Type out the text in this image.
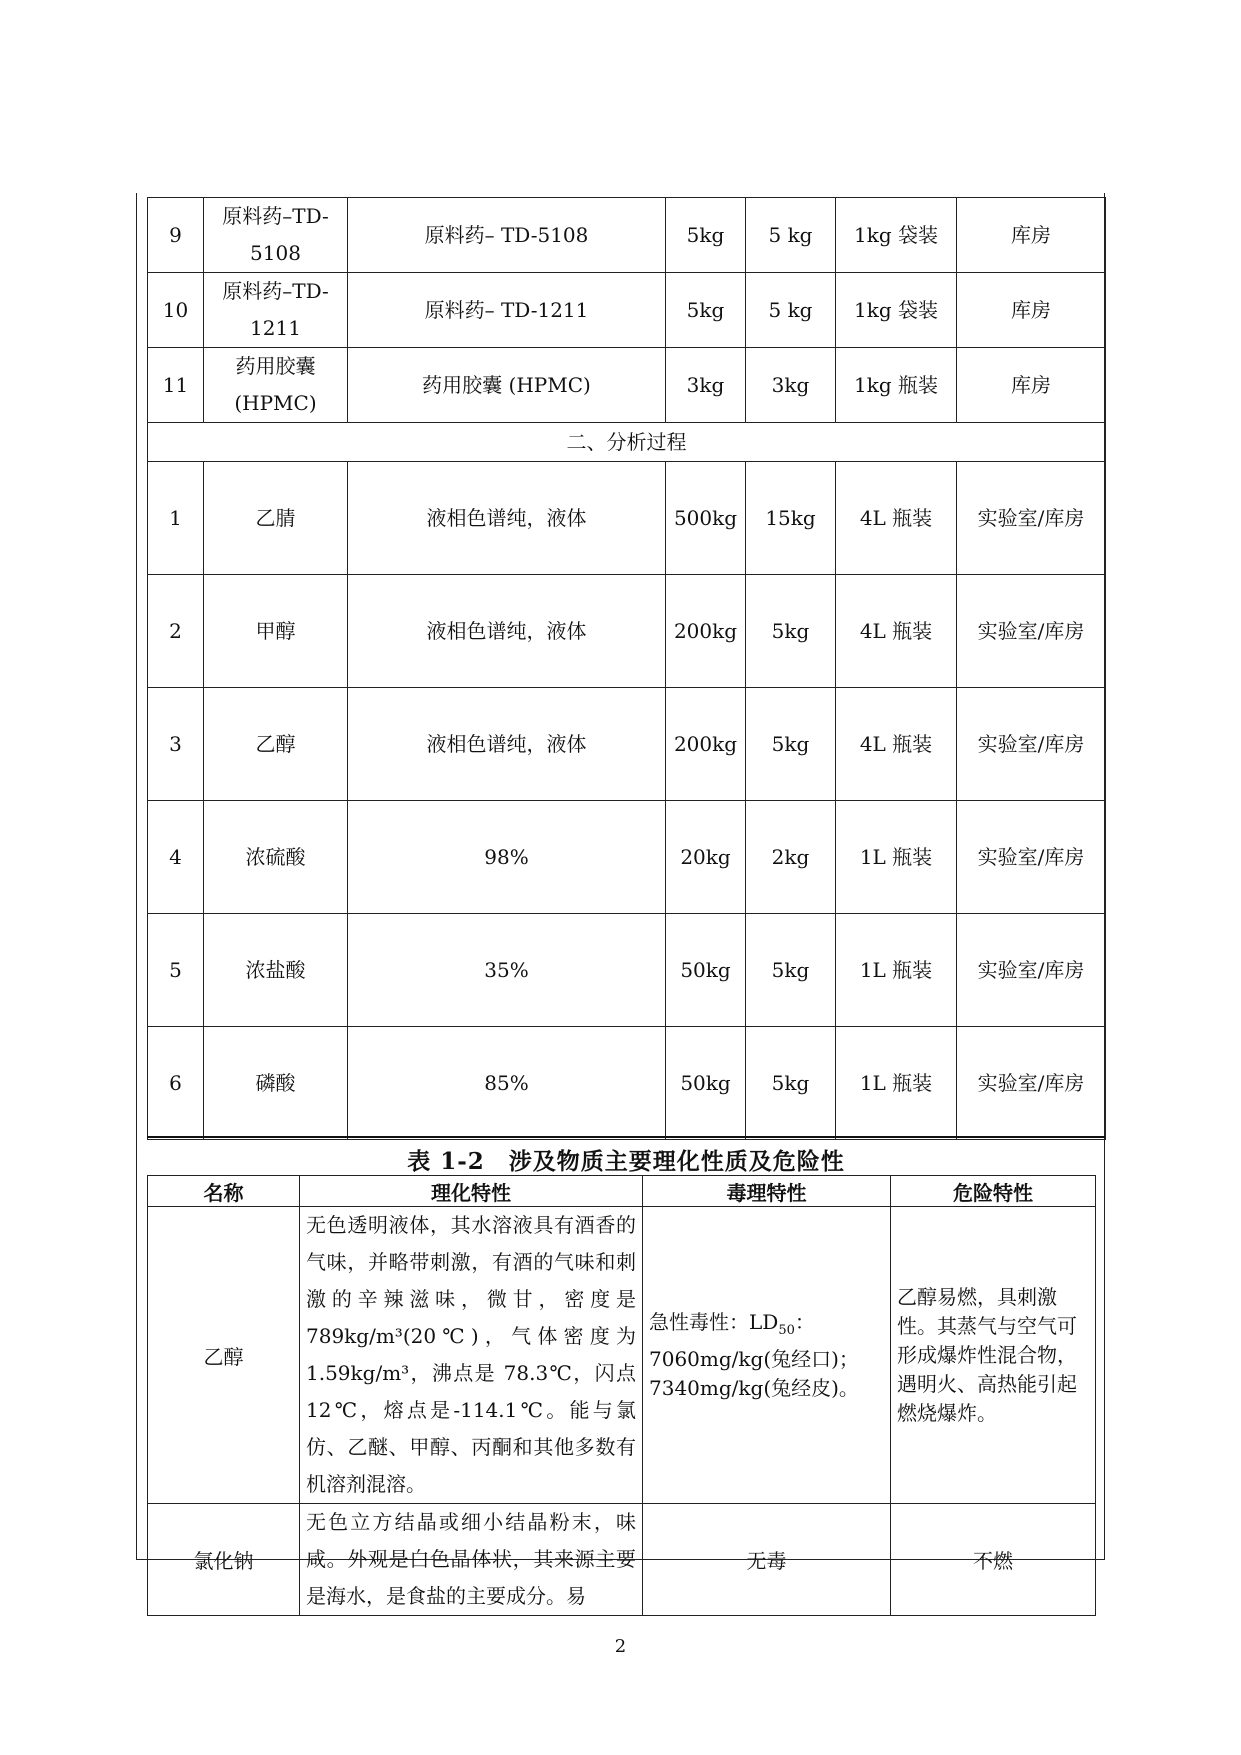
9	原料药–TD-5108	原料药– TD-5108	5kg	5 kg	1kg 袋装	库房
10	原料药–TD-1211	原料药– TD-1211	5kg	5 kg	1kg 袋装	库房
11	药用胶囊(HPMC)	药用胶囊 (HPMC)	3kg	3kg	1kg 瓶装	库房
二、分析过程						
1	乙腈	液相色谱纯，液体	500kg	15kg	4L 瓶装	实验室/库房
2	甲醇	液相色谱纯，液体	200kg	5kg	4L 瓶装	实验室/库房
3	乙醇	液相色谱纯，液体	200kg	5kg	4L 瓶装	实验室/库房
4	浓硫酸	98%	20kg	2kg	1L 瓶装	实验室/库房
5	浓盐酸	35%	50kg	5kg	1L 瓶装	实验室/库房
6	磷酸	85%	50kg	5kg	1L 瓶装	实验室/库房
表 1-2　涉及物质主要理化性质及危险性
名称	理化特性	毒理特性	危险特性
乙醇	无色透明液体，其水溶液具有酒香的气味，并略带刺激，有酒的气味和刺激的辛辣滋味，微甘，密度是 789kg/m³(20℃)，气体密度为 1.59kg/m³，沸点是 78.3℃，闪点 12℃，熔点是-114.1℃。能与氯仿、乙醚、甲醇、丙酮和其他多数有机溶剂混溶。	急性毒性：$LD_{50}$：
7060mg/kg(兔经口)；
7340mg/kg(兔经皮)。	乙醇易燃，具刺激性。其蒸气与空气可形成爆炸性混合物，遇明火、高热能引起燃烧爆炸。
氯化钠	无色立方结晶或细小结晶粉末，味咸。外观是白色晶体状，其来源主要是海水，是食盐的主要成分。易	无毒	不燃
2
